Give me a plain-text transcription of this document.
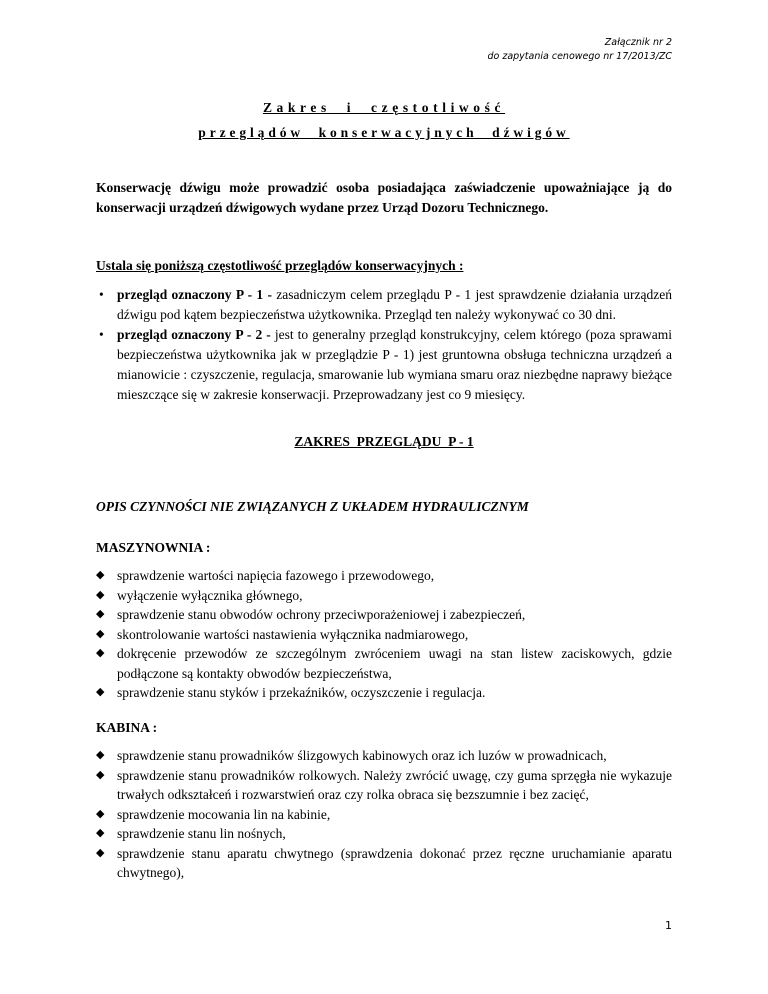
Załącznik nr 2
do zapytania cenowego nr 17/2013/ZC
Zakres  i  częstotliwość
przeglądów  konserwacyjnych  dźwigów
Konserwację dźwigu może prowadzić osoba posiadająca zaświadczenie upoważniające ją do konserwacji urządzeń dźwigowych wydane przez Urząd Dozoru Technicznego.
Ustala się poniższą częstotliwość przeglądów konserwacyjnych :
• przegląd oznaczony P - 1 - zasadniczym celem przeglądu P - 1 jest sprawdzenie działania urządzeń dźwigu pod kątem bezpieczeństwa użytkownika. Przegląd ten należy wykonywać co 30 dni.
• przegląd oznaczony P - 2 - jest to generalny przegląd konstrukcyjny, celem którego (poza sprawami bezpieczeństwa użytkownika jak w przeglądzie P - 1) jest gruntowna obsługa techniczna urządzeń a mianowicie : czyszczenie, regulacja, smarowanie lub wymiana smaru oraz niezbędne naprawy bieżące mieszczące się w zakresie konserwacji. Przeprowadzany jest co 9 miesięcy.
ZAKRES  PRZEGLĄDU  P - 1
OPIS CZYNNOŚCI NIE ZWIĄZANYCH Z UKŁADEM HYDRAULICZNYM
MASZYNOWNIA :
◆ sprawdzenie wartości napięcia fazowego i przewodowego,
◆ wyłączenie wyłącznika głównego,
◆ sprawdzenie stanu obwodów ochrony przeciwporażeniowej i zabezpieczeń,
◆ skontrolowanie wartości nastawienia wyłącznika nadmiarowego,
◆ dokręcenie przewodów ze szczególnym zwróceniem uwagi na stan listew zaciskowych, gdzie podłączone są kontakty obwodów bezpieczeństwa,
◆ sprawdzenie stanu styków i przekaźników, oczyszczenie i regulacja.
KABINA :
◆ sprawdzenie stanu prowadników ślizgowych kabinowych oraz ich luzów w prowadnicach,
◆ sprawdzenie stanu prowadników rolkowych. Należy zwrócić uwagę, czy guma sprzęgła nie wykazuje trwałych odkształceń i rozwarstwień oraz czy rolka obraca się bezszumnie i bez zacięć,
◆ sprawdzenie mocowania lin na kabinie,
◆ sprawdzenie stanu lin nośnych,
◆ sprawdzenie stanu aparatu chwytnego (sprawdzenia dokonać przez ręczne uruchamianie aparatu chwytnego),
1
